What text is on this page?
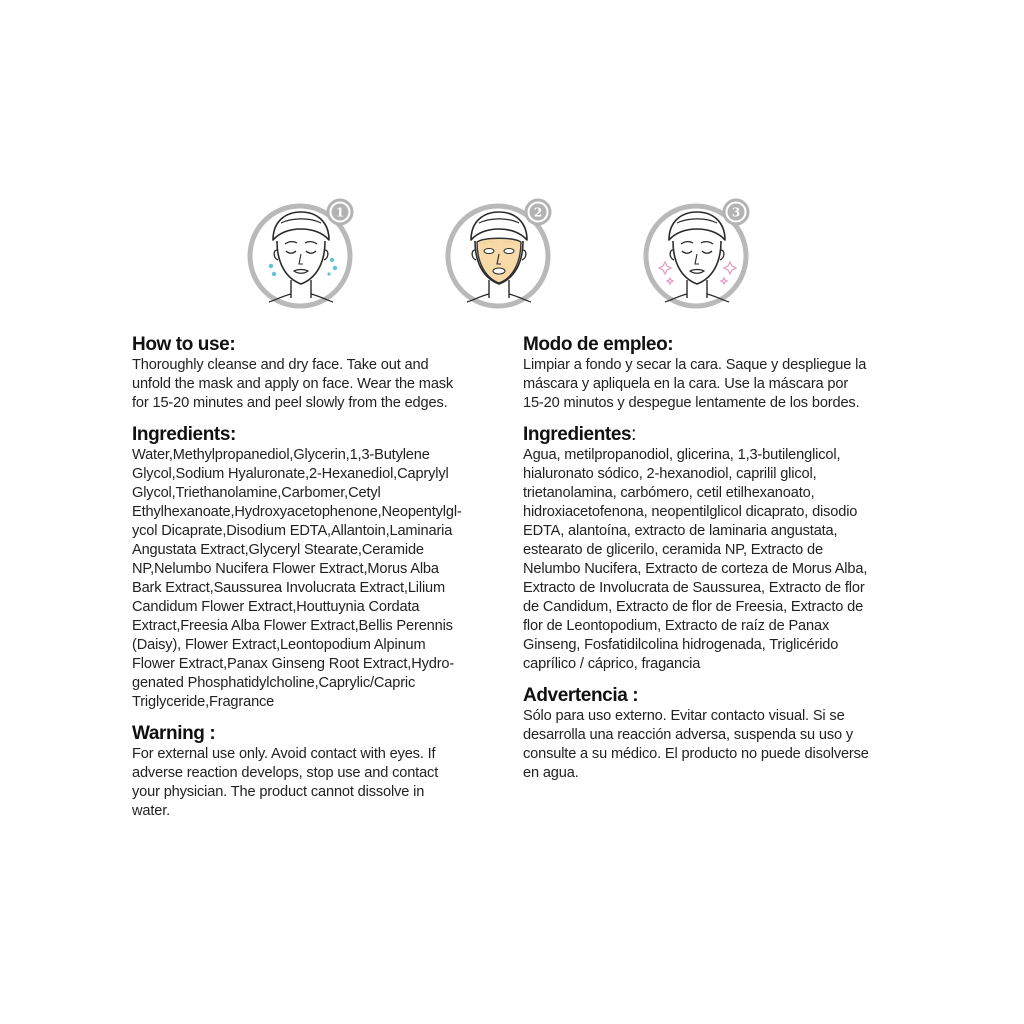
1	2	3
How to use:

Thoroughly cleanse and dry face. Take out and
unfold the mask and apply on face. Wear the mask
for 15-20 minutes and peel slowly from the edges.

Ingredients:

Water,Methylpropanediol,Glycerin,1,3-Butylene
Glycol,Sodium Hyaluronate,2-Hexanediol,Caprylyl
Glycol,Triethanolamine,Carbomer,Cetyl
Ethylhexanoate,Hydroxyacetophenone,Neopentylgl-
ycol Dicaprate,Disodium EDTA,Allantoin,Laminaria
Angustata Extract,Glyceryl Stearate,Ceramide
NP,Nelumbo Nucifera Flower Extract,Morus Alba
Bark Extract,Saussurea Involucrata Extract,Lilium
Candidum Flower Extract,Houttuynia Cordata
Extract,Freesia Alba Flower Extract,Bellis Perennis
(Daisy), Flower Extract,Leontopodium Alpinum
Flower Extract,Panax Ginseng Root Extract,Hydro-
genated Phosphatidylcholine,Caprylic/Capric
Triglyceride,Fragrance

Warning :

For external use only. Avoid contact with eyes. If
adverse reaction develops, stop use and contact
your physician. The product cannot dissolve in
water.

Modo de empleo:

Limpiar a fondo y secar la cara. Saque y despliegue la
máscara y apliquela en la cara. Use la máscara por
15-20 minutos y despegue lentamente de los bordes.

Ingredientes:

Agua, metilpropanodiol, glicerina, 1,3-butilenglicol,
hialuronato sódico, 2-hexanodiol, caprilil glicol,
trietanolamina, carbómero, cetil etilhexanoato,
hidroxiacetofenona, neopentilglicol dicaprato, disodio
EDTA, alantoína, extracto de laminaria angustata,
estearato de glicerilo, ceramida NP, Extracto de
Nelumbo Nucifera, Extracto de corteza de Morus Alba,
Extracto de Involucrata de Saussurea, Extracto de flor
de Candidum, Extracto de flor de Freesia, Extracto de
flor de Leontopodium, Extracto de raíz de Panax
Ginseng, Fosfatidilcolina hidrogenada, Triglicérido
caprílico / cáprico, fragancia

Advertencia :

Sólo para uso externo. Evitar contacto visual. Si se
desarrolla una reacción adversa, suspenda su uso y
consulte a su médico. El producto no puede disolverse
en agua.
